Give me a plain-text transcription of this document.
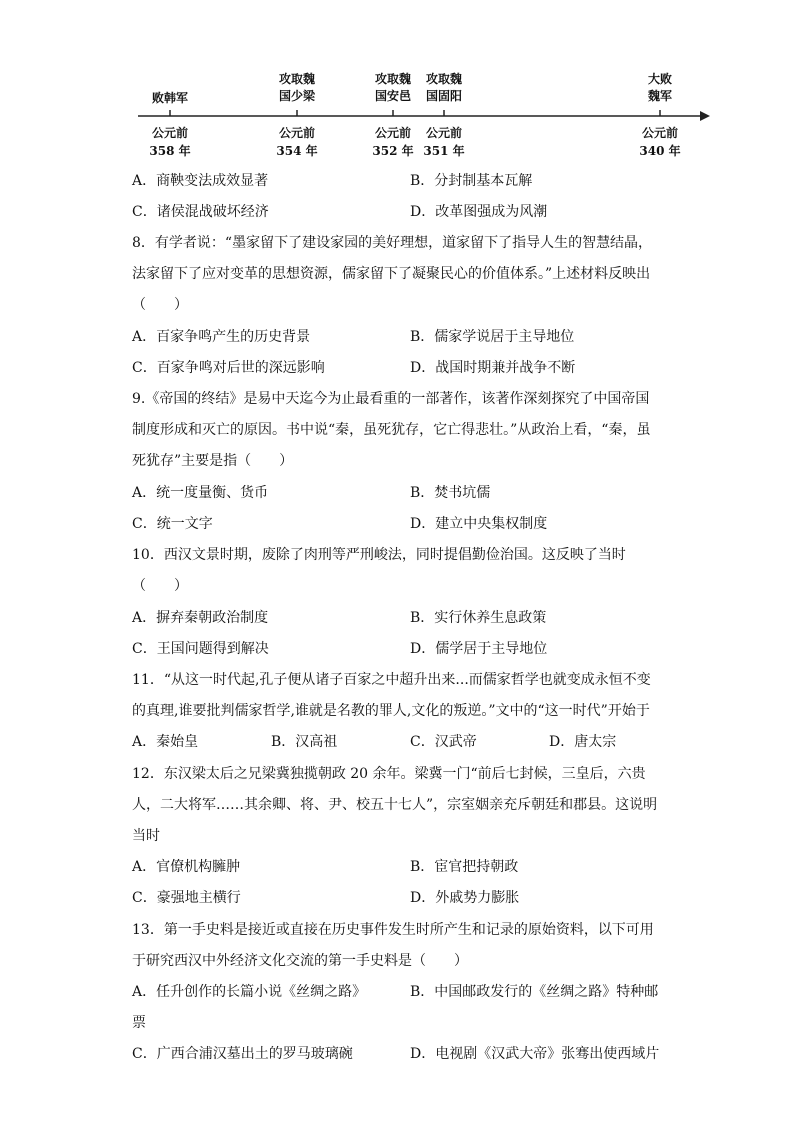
败韩军
攻取魏
国少梁
攻取魏
国安邑
攻取魏
国固阳
大败
魏军
公元前
358 年
公元前
354 年
公元前
352 年
公元前
351 年
公元前
340 年
A．商鞅变法成效显著	B．分封制基本瓦解
C．诸侯混战破坏经济	D．改革图强成为风潮
8．有学者说：“墨家留下了建设家园的美好理想，道家留下了指导人生的智慧结晶，
法家留下了应对变革的思想资源，儒家留下了凝聚民心的价值体系。”上述材料反映出
（　　）
A．百家争鸣产生的历史背景	B．儒家学说居于主导地位
C．百家争鸣对后世的深远影响	D．战国时期兼并战争不断
9.《帝国的终结》是易中天迄今为止最看重的一部著作，该著作深刻探究了中国帝国
制度形成和灭亡的原因。书中说“秦，虽死犹存，它亡得悲壮。”从政治上看，“秦，虽
死犹存”主要是指（　　）
A．统一度量衡、货币	B．焚书坑儒
C．统一文字	D．建立中央集权制度
10．西汉文景时期，废除了肉刑等严刑峻法，同时提倡勤俭治国。这反映了当时
（　　）
A．摒弃秦朝政治制度	B．实行休养生息政策
C．王国问题得到解决	D．儒学居于主导地位
11．“从这一时代起,孔子便从诸子百家之中超升出来...而儒家哲学也就变成永恒不变
的真理,谁要批判儒家哲学,谁就是名教的罪人,文化的叛逆。”文中的“这一时代”开始于
A．秦始皇	B．汉高祖	C．汉武帝	D．唐太宗
12．东汉梁太后之兄梁冀独揽朝政 20 余年。梁冀一门“前后七封候，三皇后，六贵
人，二大将军……其余卿、将、尹、校五十七人”，宗室姻亲充斥朝廷和郡县。这说明
当时
A．官僚机构臃肿	B．宦官把持朝政
C．豪强地主横行	D．外戚势力膨胀
13．第一手史料是接近或直接在历史事件发生时所产生和记录的原始资料，以下可用
于研究西汉中外经济文化交流的第一手史料是（　　）
A．任升创作的长篇小说《丝绸之路》	B．中国邮政发行的《丝绸之路》特种邮
票
C．广西合浦汉墓出土的罗马玻璃碗	D．电视剧《汉武大帝》张骞出使西域片
